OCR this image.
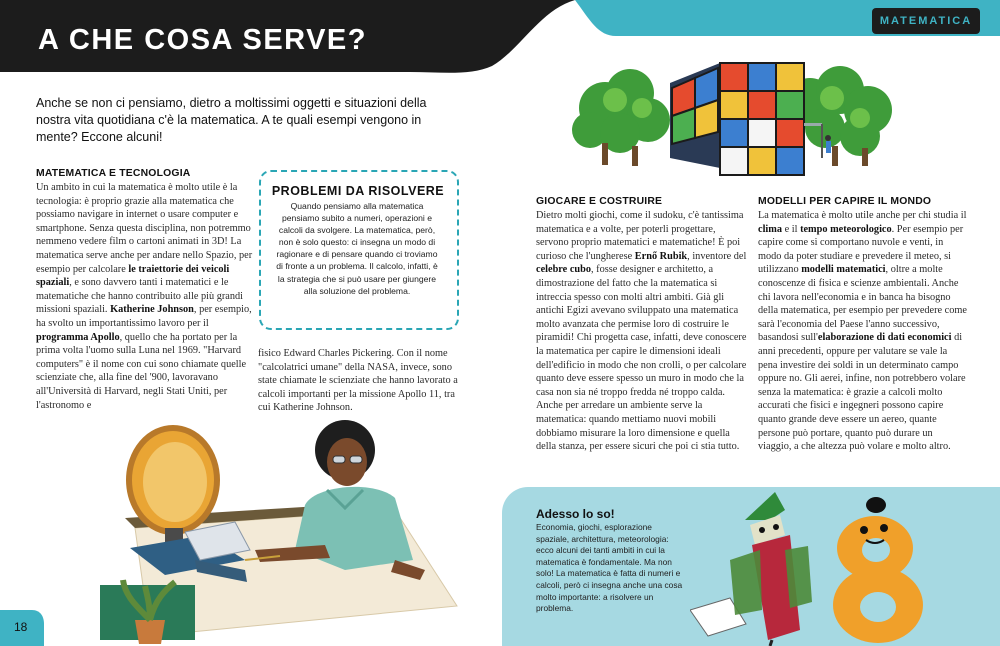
A CHE COSA SERVE?
MATEMATICA
Anche se non ci pensiamo, dietro a moltissimi oggetti e situazioni della nostra vita quotidiana c'è la matematica. A te quali esempi vengono in mente? Eccone alcuni!
MATEMATICA E TECNOLOGIA
Un ambito in cui la matematica è molto utile è la tecnologia: è proprio grazie alla matematica che possiamo navigare in internet o usare computer e smartphone. Senza questa disciplina, non potremmo nemmeno vedere film o cartoni animati in 3D! La matematica serve anche per andare nello Spazio, per esempio per calcolare le traiettorie dei veicoli spaziali, e sono davvero tanti i matematici e le matematiche che hanno contribuito alle più grandi missioni spaziali. Katherine Johnson, per esempio, ha svolto un importantissimo lavoro per il programma Apollo, quello che ha portato per la prima volta l'uomo sulla Luna nel 1969. "Harvard computers" è il nome con cui sono chiamate quelle scienziate che, alla fine del '900, lavoravano all'Università di Harvard, negli Stati Uniti, per l'astronomo e
fisico Edward Charles Pickering. Con il nome "calcolatrici umane" della NASA, invece, sono state chiamate le scienziate che hanno lavorato a calcoli importanti per la missione Apollo 11, tra cui Katherine Johnson.
PROBLEMI DA RISOLVERE
Quando pensiamo alla matematica pensiamo subito a numeri, operazioni e calcoli da svolgere. La matematica, però, non è solo questo: ci insegna un modo di ragionare e di pensare quando ci troviamo di fronte a un problema. Il calcolo, infatti, è la strategia che si può usare per giungere alla soluzione del problema.
18
GIOCARE E COSTRUIRE
Dietro molti giochi, come il sudoku, c'è tantissima matematica e a volte, per poterli progettare, servono proprio matematici e matematiche! È poi curioso che l'ungherese Ernő Rubik, inventore del celebre cubo, fosse designer e architetto, a dimostrazione del fatto che la matematica si intreccia spesso con molti altri ambiti. Già gli antichi Egizi avevano sviluppato una matematica molto avanzata che permise loro di costruire le piramidi! Chi progetta case, infatti, deve conoscere la matematica per capire le dimensioni ideali dell'edificio in modo che non crolli, o per calcolare quanto deve essere spesso un muro in modo che la casa non sia né troppo fredda né troppo calda. Anche per arredare un ambiente serve la matematica: quando mettiamo nuovi mobili dobbiamo misurare la loro dimensione e quella della stanza, per essere sicuri che poi ci stia tutto.
MODELLI PER CAPIRE IL MONDO
La matematica è molto utile anche per chi studia il clima e il tempo meteorologico. Per esempio per capire come si comportano nuvole e venti, in modo da poter studiare e prevedere il meteo, si utilizzano modelli matematici, oltre a molte conoscenze di fisica e scienze ambientali. Anche chi lavora nell'economia e in banca ha bisogno della matematica, per esempio per prevedere come sarà l'economia del Paese l'anno successivo, basandosi sull'elaborazione di dati economici di anni precedenti, oppure per valutare se vale la pena investire dei soldi in un determinato campo oppure no. Gli aerei, infine, non potrebbero volare senza la matematica: è grazie a calcoli molto accurati che fisici e ingegneri possono capire quanto grande deve essere un aereo, quante persone può portare, quanto può durare un viaggio, a che altezza può volare e molto altro.
Adesso lo so!
Economia, giochi, esplorazione spaziale, architettura, meteorologia: ecco alcuni dei tanti ambiti in cui la matematica è fondamentale. Ma non solo! La matematica è fatta di numeri e calcoli, però ci insegna anche una cosa molto importante: a risolvere un problema.
